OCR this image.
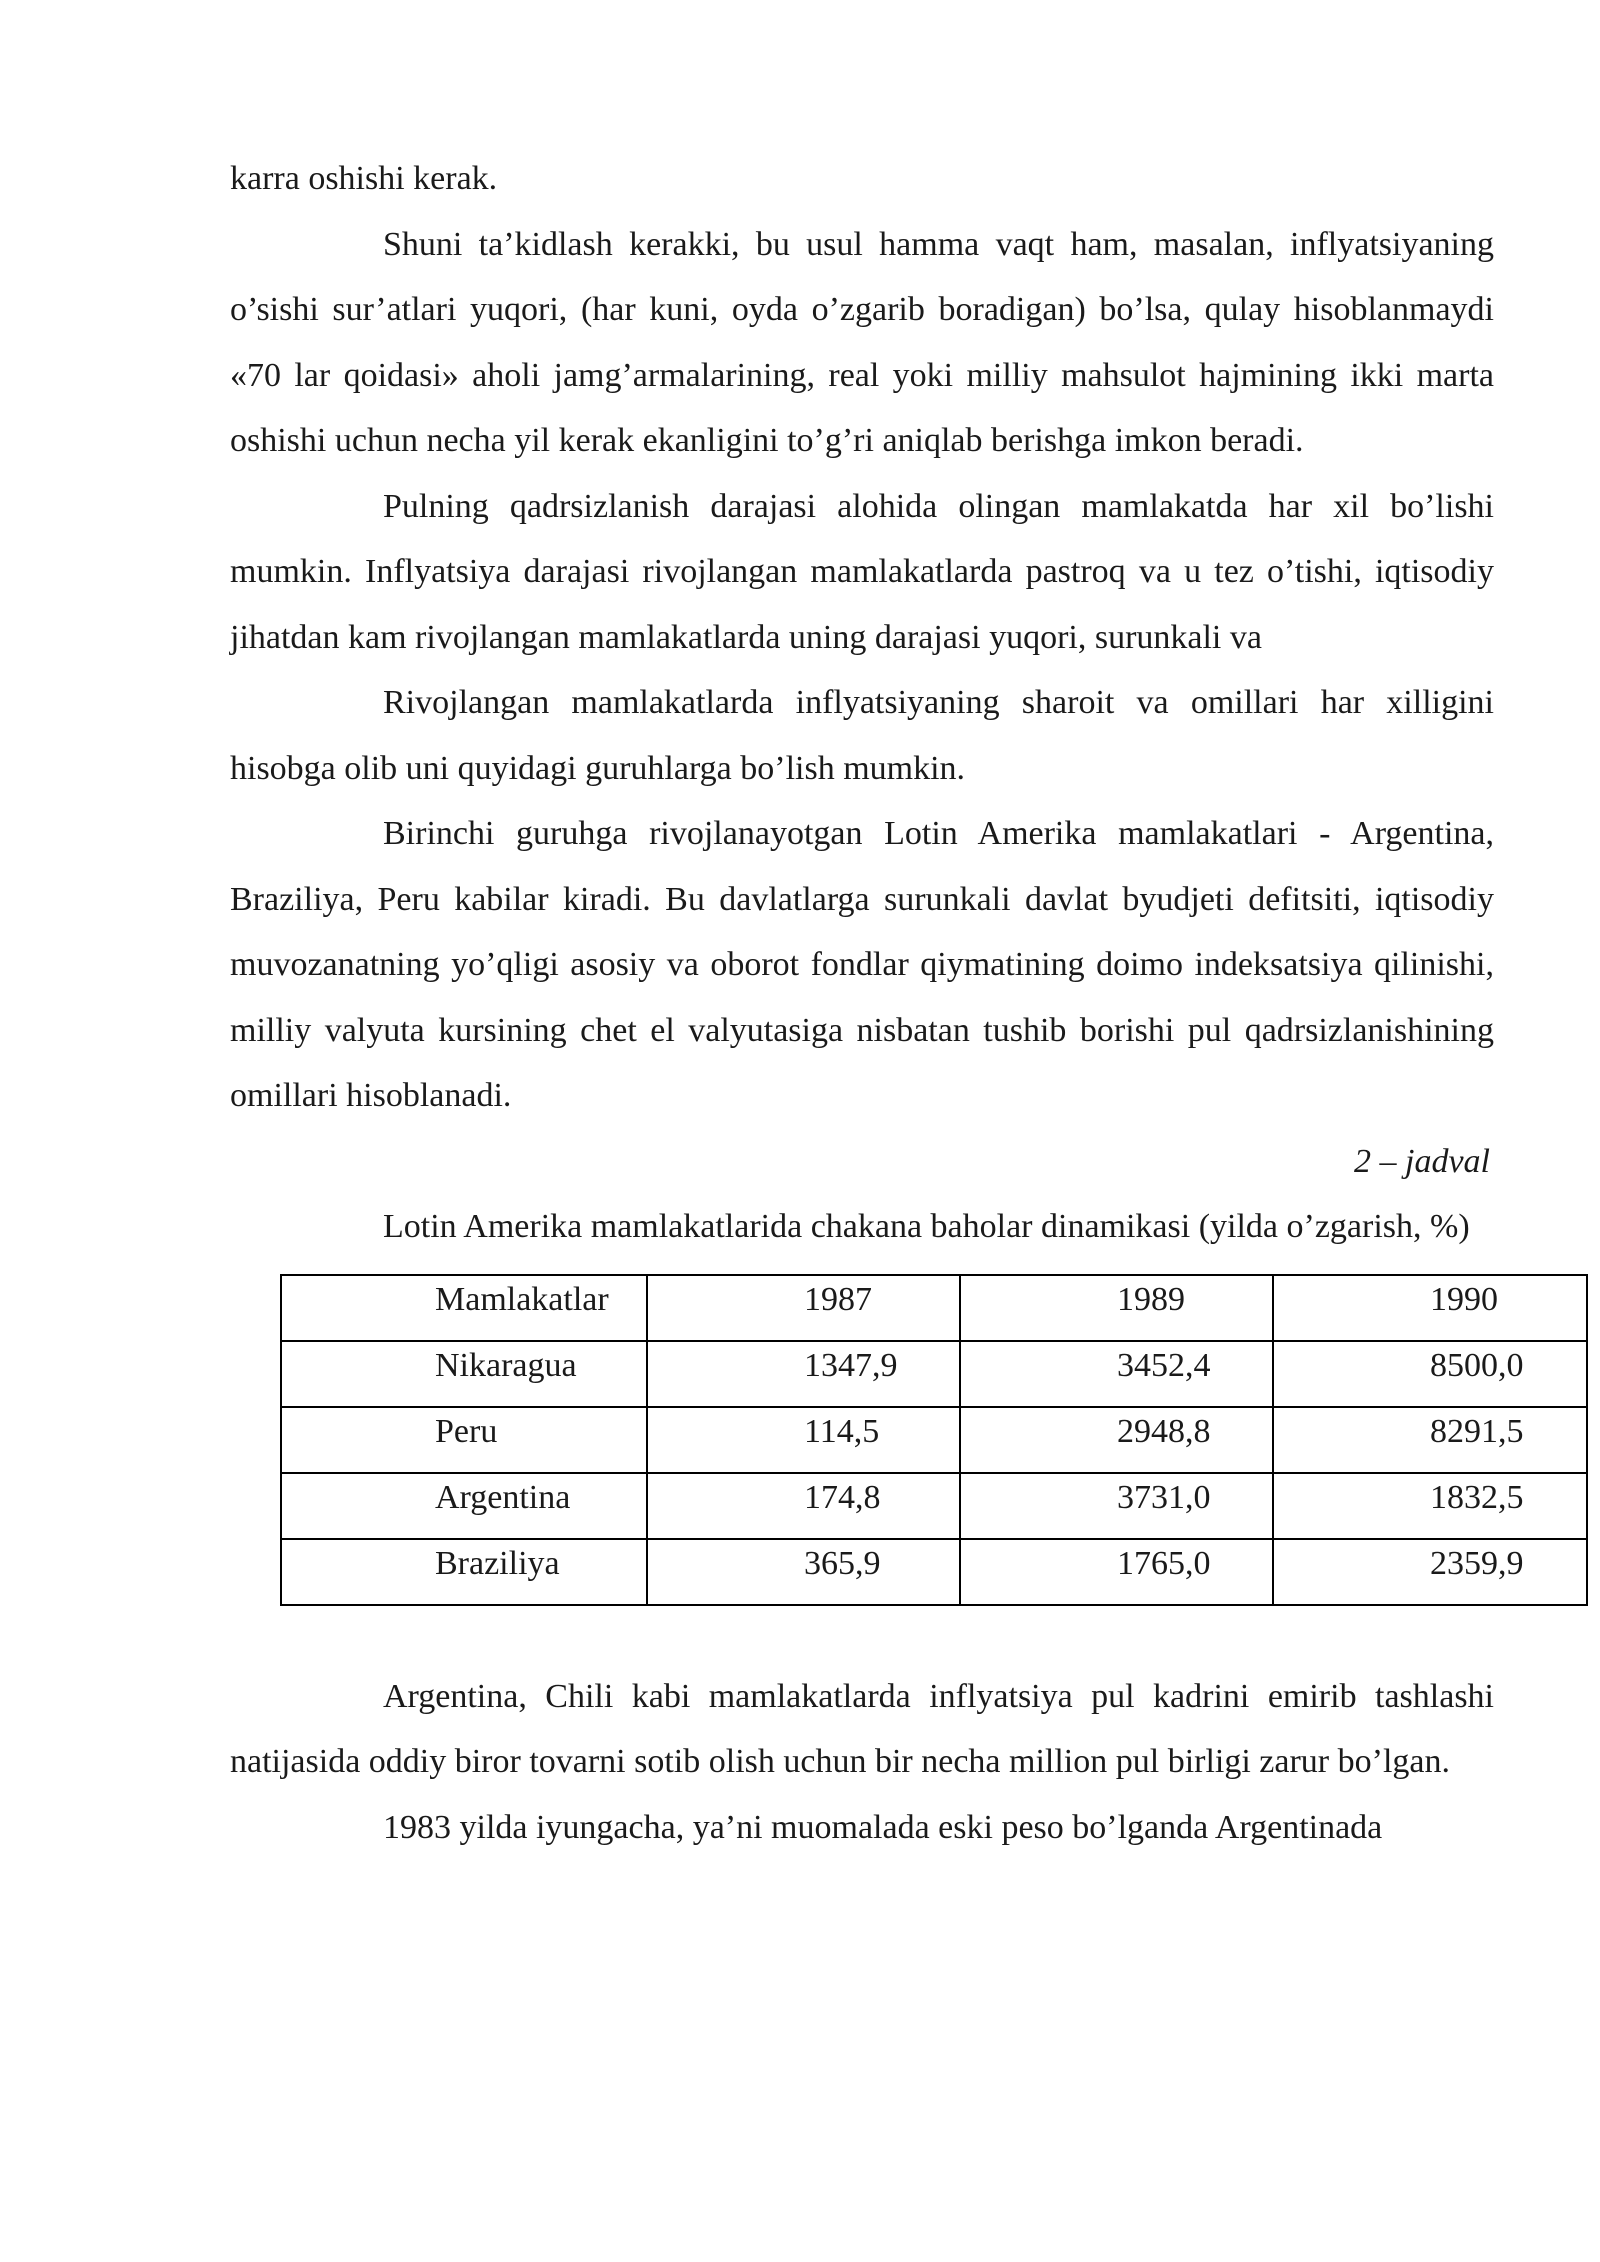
karra oshishi kerak.

Shuni ta’kidlash kerakki, bu usul hamma vaqt ham, masalan, inflyatsiyaning o’sishi sur’atlari yuqori, (har kuni, oyda o’zgarib boradigan) bo’lsa, qulay hisoblanmaydi «70 lar qoidasi» aholi jamg’armalarining, real yoki milliy mahsulot hajmining ikki marta oshishi uchun necha yil kerak ekanligini to’g’ri aniqlab berishga imkon beradi.

Pulning qadrsizlanish darajasi alohida olingan mamlakatda har xil bo’lishi mumkin. Inflyatsiya darajasi rivojlangan mamlakatlarda pastroq va u tez o’tishi, iqtisodiy jihatdan kam rivojlangan mamlakatlarda uning darajasi yuqori, surunkali va

Rivojlangan mamlakatlarda inflyatsiyaning sharoit va omillari har xilligini hisobga olib uni quyidagi guruhlarga bo’lish mumkin.

Birinchi guruhga rivojlanayotgan Lotin Amerika mamlakatlari - Argentina, Braziliya, Peru kabilar kiradi. Bu davlatlarga surunkali davlat byudjeti defitsiti, iqtisodiy muvozanatning yo’qligi asosiy va oborot fondlar qiymatining doimo indeksatsiya qilinishi, milliy valyuta kursining chet el valyutasiga nisbatan tushib borishi pul qadrsizlanishining omillari hisoblanadi.

2 – jadval

Lotin Amerika mamlakatlarida chakana baholar dinamikasi (yilda o’zgarish, %)

Mamlakatlar	1987	1989	1990

Nikaragua	1347,9	3452,4	8500,0

Peru	114,5	2948,8	8291,5

Argentina	174,8	3731,0	1832,5

Braziliya	365,9	1765,0	2359,9

Argentina, Chili kabi mamlakatlarda inflyatsiya pul kadrini emirib tashlashi natijasida oddiy biror tovarni sotib olish uchun bir necha million pul birligi zarur bo’lgan.

1983 yilda iyungacha, ya’ni muomalada eski peso bo’lganda Argentinada
